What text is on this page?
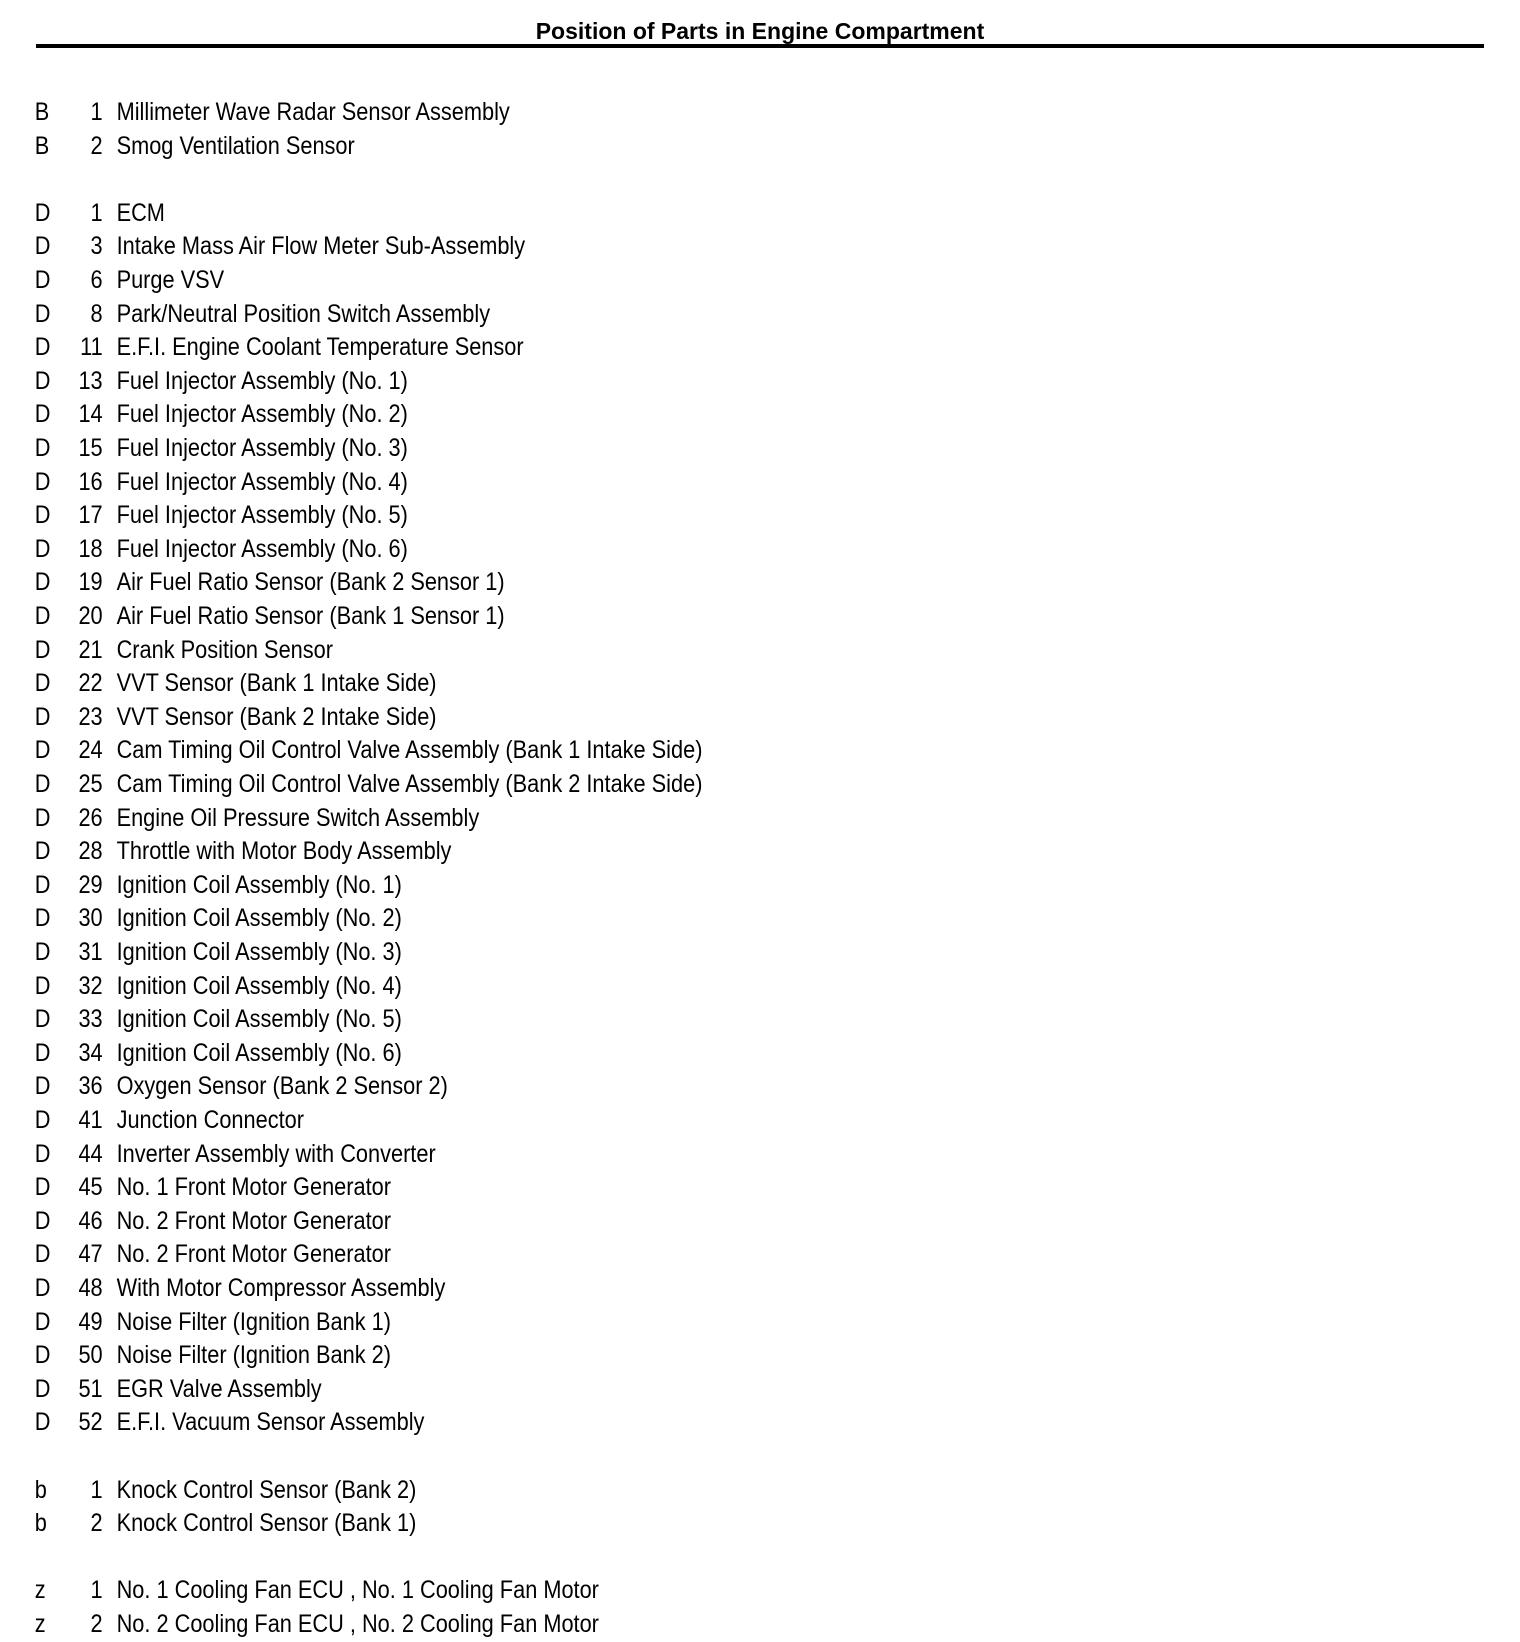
Position of Parts in Engine Compartment
B	1 Millimeter Wave Radar Sensor Assembly
B	2 Smog Ventilation Sensor
D	1 ECM
D	3 Intake Mass Air Flow Meter Sub-Assembly
D	6 Purge VSV
D	8 Park/Neutral Position Switch Assembly
D	11 E.F.I. Engine Coolant Temperature Sensor
D	13 Fuel Injector Assembly (No. 1)
D	14 Fuel Injector Assembly (No. 2)
D	15 Fuel Injector Assembly (No. 3)
D	16 Fuel Injector Assembly (No. 4)
D	17 Fuel Injector Assembly (No. 5)
D	18 Fuel Injector Assembly (No. 6)
D	19 Air Fuel Ratio Sensor (Bank 2 Sensor 1)
D	20 Air Fuel Ratio Sensor (Bank 1 Sensor 1)
D	21 Crank Position Sensor
D	22 VVT Sensor (Bank 1 Intake Side)
D	23 VVT Sensor (Bank 2 Intake Side)
D	24 Cam Timing Oil Control Valve Assembly (Bank 1 Intake Side)
D	25 Cam Timing Oil Control Valve Assembly (Bank 2 Intake Side)
D	26 Engine Oil Pressure Switch Assembly
D	28 Throttle with Motor Body Assembly
D	29 Ignition Coil Assembly (No. 1)
D	30 Ignition Coil Assembly (No. 2)
D	31 Ignition Coil Assembly (No. 3)
D	32 Ignition Coil Assembly (No. 4)
D	33 Ignition Coil Assembly (No. 5)
D	34 Ignition Coil Assembly (No. 6)
D	36 Oxygen Sensor (Bank 2 Sensor 2)
D	41 Junction Connector
D	44 Inverter Assembly with Converter
D	45 No. 1 Front Motor Generator
D	46 No. 2 Front Motor Generator
D	47 No. 2 Front Motor Generator
D	48 With Motor Compressor Assembly
D	49 Noise Filter (Ignition Bank 1)
D	50 Noise Filter (Ignition Bank 2)
D	51 EGR Valve Assembly
D	52 E.F.I. Vacuum Sensor Assembly
b	1 Knock Control Sensor (Bank 2)
b	2 Knock Control Sensor (Bank 1)
z	1 No. 1 Cooling Fan ECU , No. 1 Cooling Fan Motor
z	2 No. 2 Cooling Fan ECU , No. 2 Cooling Fan Motor
